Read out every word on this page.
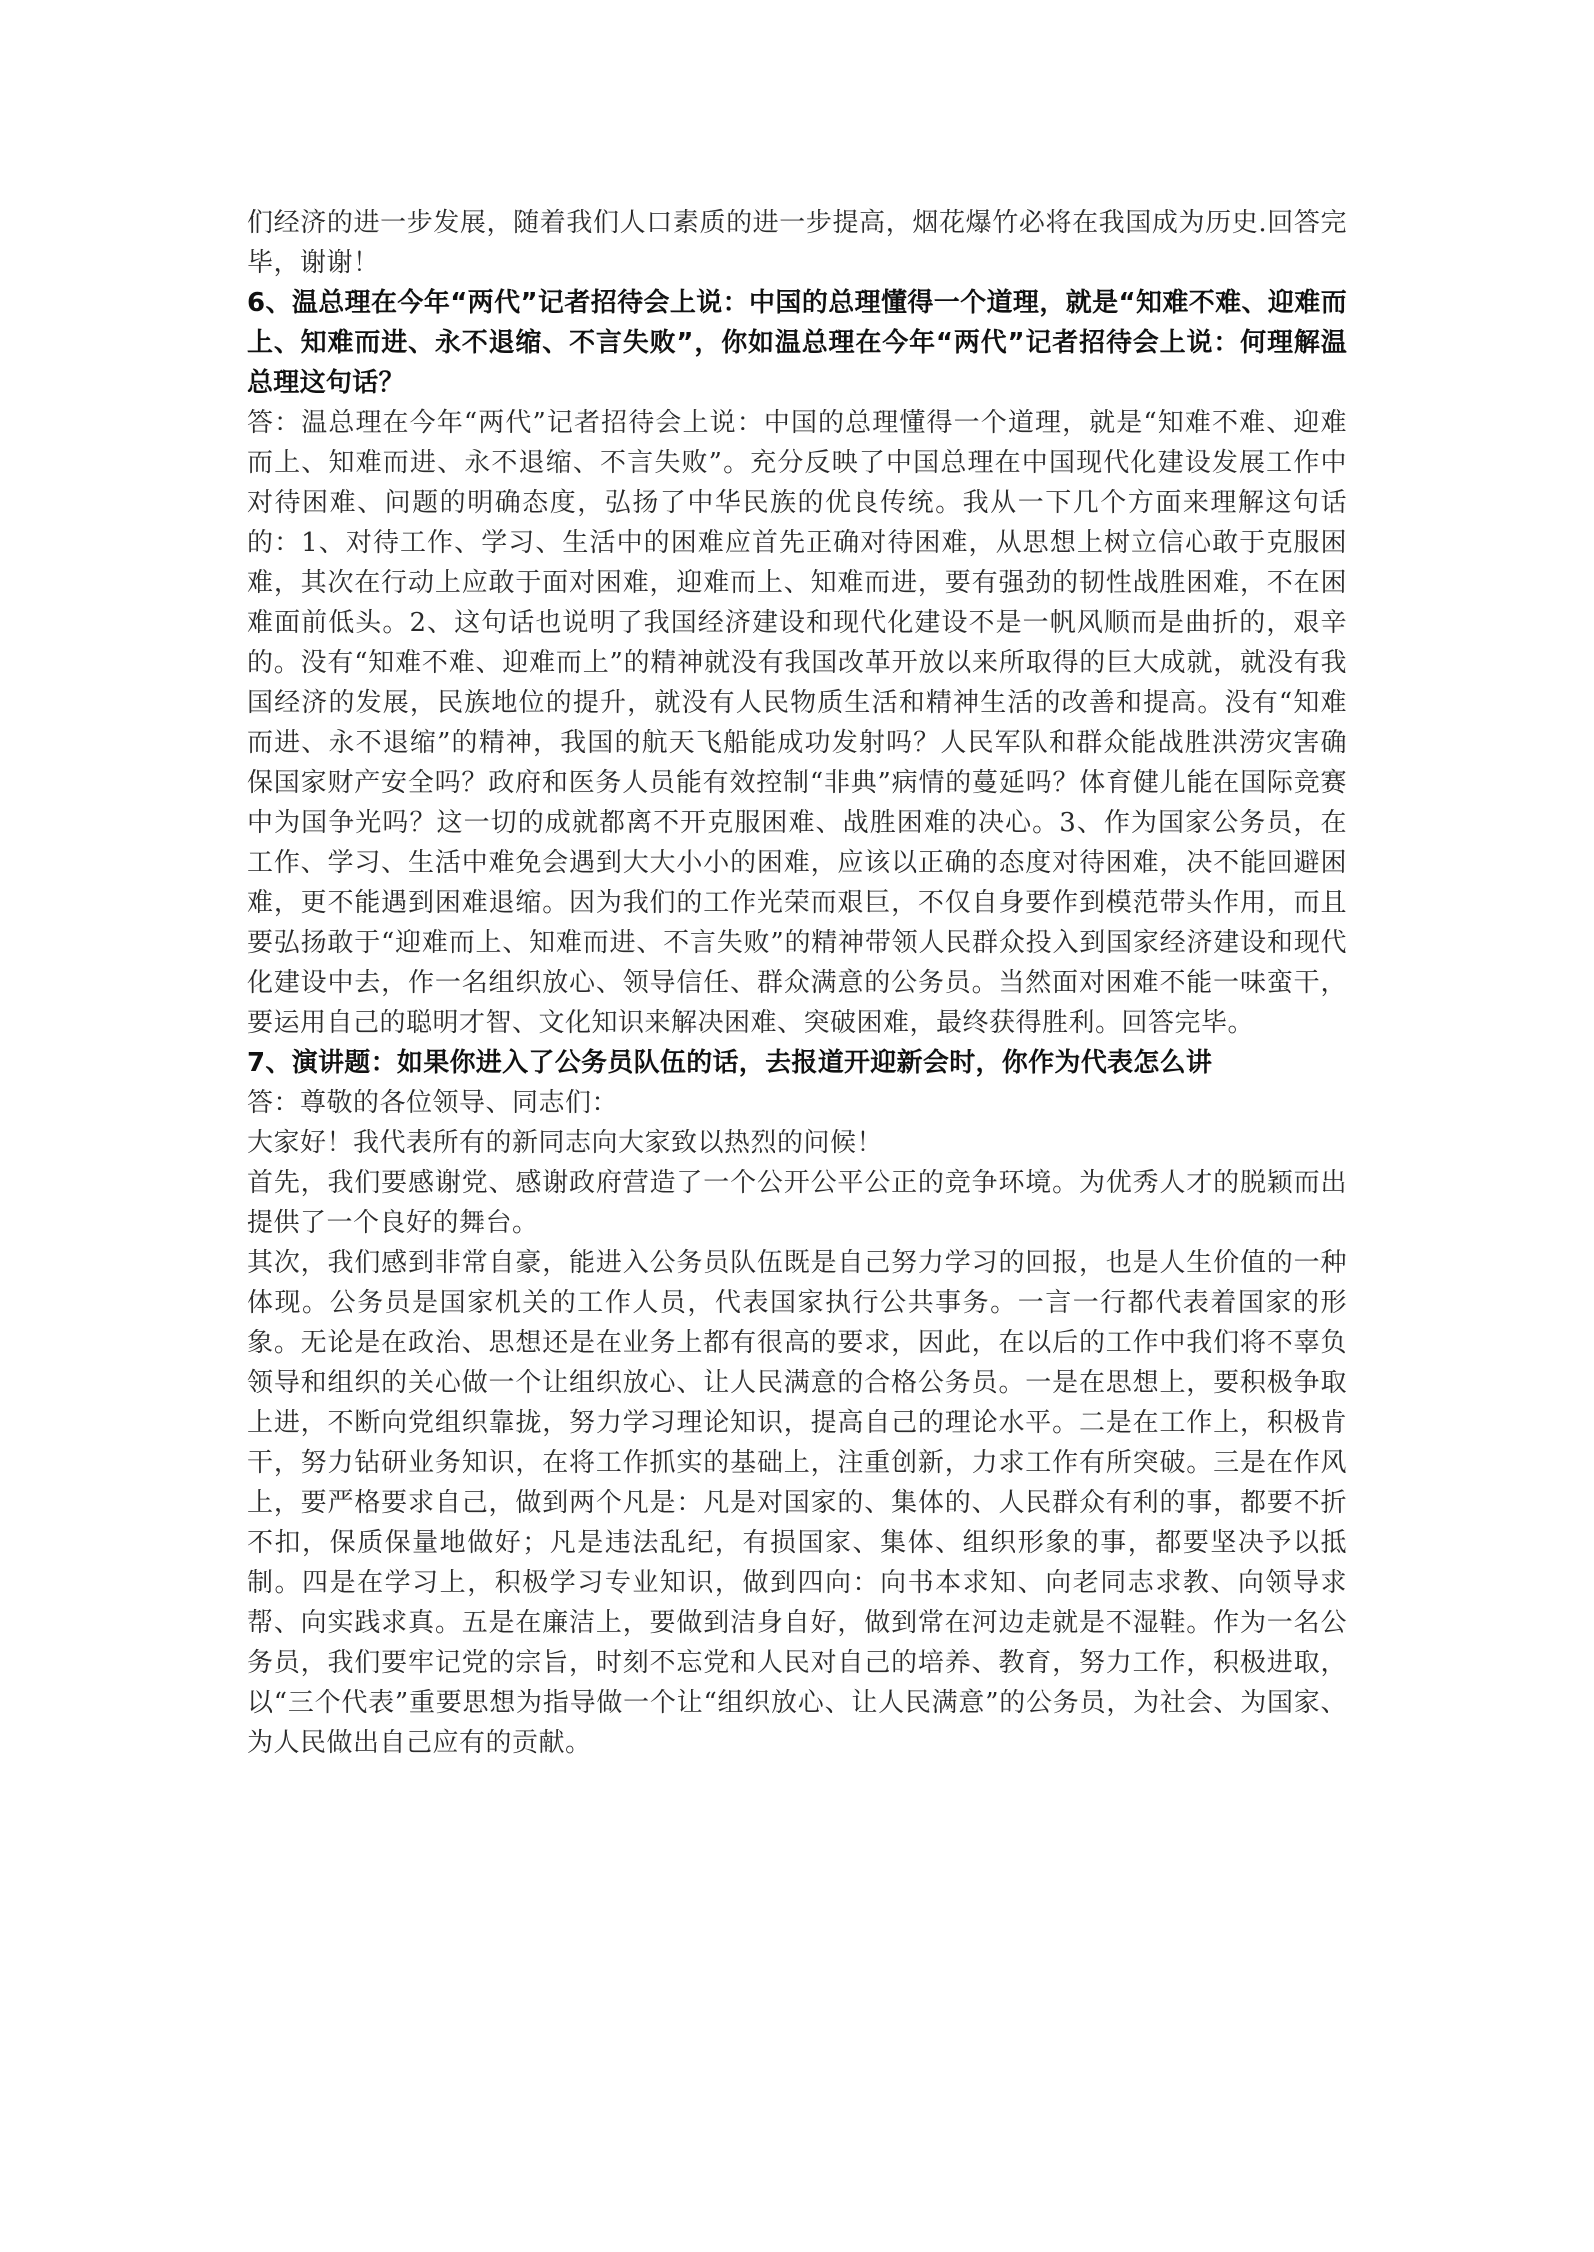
们经济的进一步发展，随着我们人口素质的进一步提高，烟花爆竹必将在我国成为历史.回答完毕，谢谢！

6、温总理在今年“两代”记者招待会上说：中国的总理懂得一个道理，就是“知难不难、迎难而上、知难而进、永不退缩、不言失败”，你如温总理在今年“两代”记者招待会上说：何理解温总理这句话？

答：温总理在今年“两代”记者招待会上说：中国的总理懂得一个道理，就是“知难不难、迎难而上、知难而进、永不退缩、不言失败”。充分反映了中国总理在中国现代化建设发展工作中对待困难、问题的明确态度，弘扬了中华民族的优良传统。我从一下几个方面来理解这句话的：1、对待工作、学习、生活中的困难应首先正确对待困难，从思想上树立信心敢于克服困难，其次在行动上应敢于面对困难，迎难而上、知难而进，要有强劲的韧性战胜困难，不在困难面前低头。2、这句话也说明了我国经济建设和现代化建设不是一帆风顺而是曲折的，艰辛的。没有“知难不难、迎难而上”的精神就没有我国改革开放以来所取得的巨大成就，就没有我国经济的发展，民族地位的提升，就没有人民物质生活和精神生活的改善和提高。没有“知难而进、永不退缩”的精神，我国的航天飞船能成功发射吗？人民军队和群众能战胜洪涝灾害确保国家财产安全吗？政府和医务人员能有效控制“非典”病情的蔓延吗？体育健儿能在国际竞赛中为国争光吗？这一切的成就都离不开克服困难、战胜困难的决心。3、作为国家公务员，在工作、学习、生活中难免会遇到大大小小的困难，应该以正确的态度对待困难，决不能回避困难，更不能遇到困难退缩。因为我们的工作光荣而艰巨，不仅自身要作到模范带头作用，而且要弘扬敢于“迎难而上、知难而进、不言失败”的精神带领人民群众投入到国家经济建设和现代化建设中去，作一名组织放心、领导信任、群众满意的公务员。当然面对困难不能一味蛮干，要运用自己的聪明才智、文化知识来解决困难、突破困难，最终获得胜利。回答完毕。

7、演讲题：如果你进入了公务员队伍的话，去报道开迎新会时，你作为代表怎么讲

答：尊敬的各位领导、同志们：

大家好！我代表所有的新同志向大家致以热烈的问候！

首先，我们要感谢党、感谢政府营造了一个公开公平公正的竞争环境。为优秀人才的脱颖而出提供了一个良好的舞台。

其次，我们感到非常自豪，能进入公务员队伍既是自己努力学习的回报，也是人生价值的一种体现。公务员是国家机关的工作人员，代表国家执行公共事务。一言一行都代表着国家的形象。无论是在政治、思想还是在业务上都有很高的要求，因此，在以后的工作中我们将不辜负领导和组织的关心做一个让组织放心、让人民满意的合格公务员。一是在思想上，要积极争取上进，不断向党组织靠拢，努力学习理论知识，提高自己的理论水平。二是在工作上，积极肯干，努力钻研业务知识，在将工作抓实的基础上，注重创新，力求工作有所突破。三是在作风上，要严格要求自己，做到两个凡是：凡是对国家的、集体的、人民群众有利的事，都要不折不扣，保质保量地做好；凡是违法乱纪，有损国家、集体、组织形象的事，都要坚决予以抵制。四是在学习上，积极学习专业知识，做到四向：向书本求知、向老同志求教、向领导求帮、向实践求真。五是在廉洁上，要做到洁身自好，做到常在河边走就是不湿鞋。作为一名公务员，我们要牢记党的宗旨，时刻不忘党和人民对自己的培养、教育，努力工作，积极进取，以“三个代表”重要思想为指导做一个让“组织放心、让人民满意”的公务员，为社会、为国家、为人民做出自己应有的贡献。
